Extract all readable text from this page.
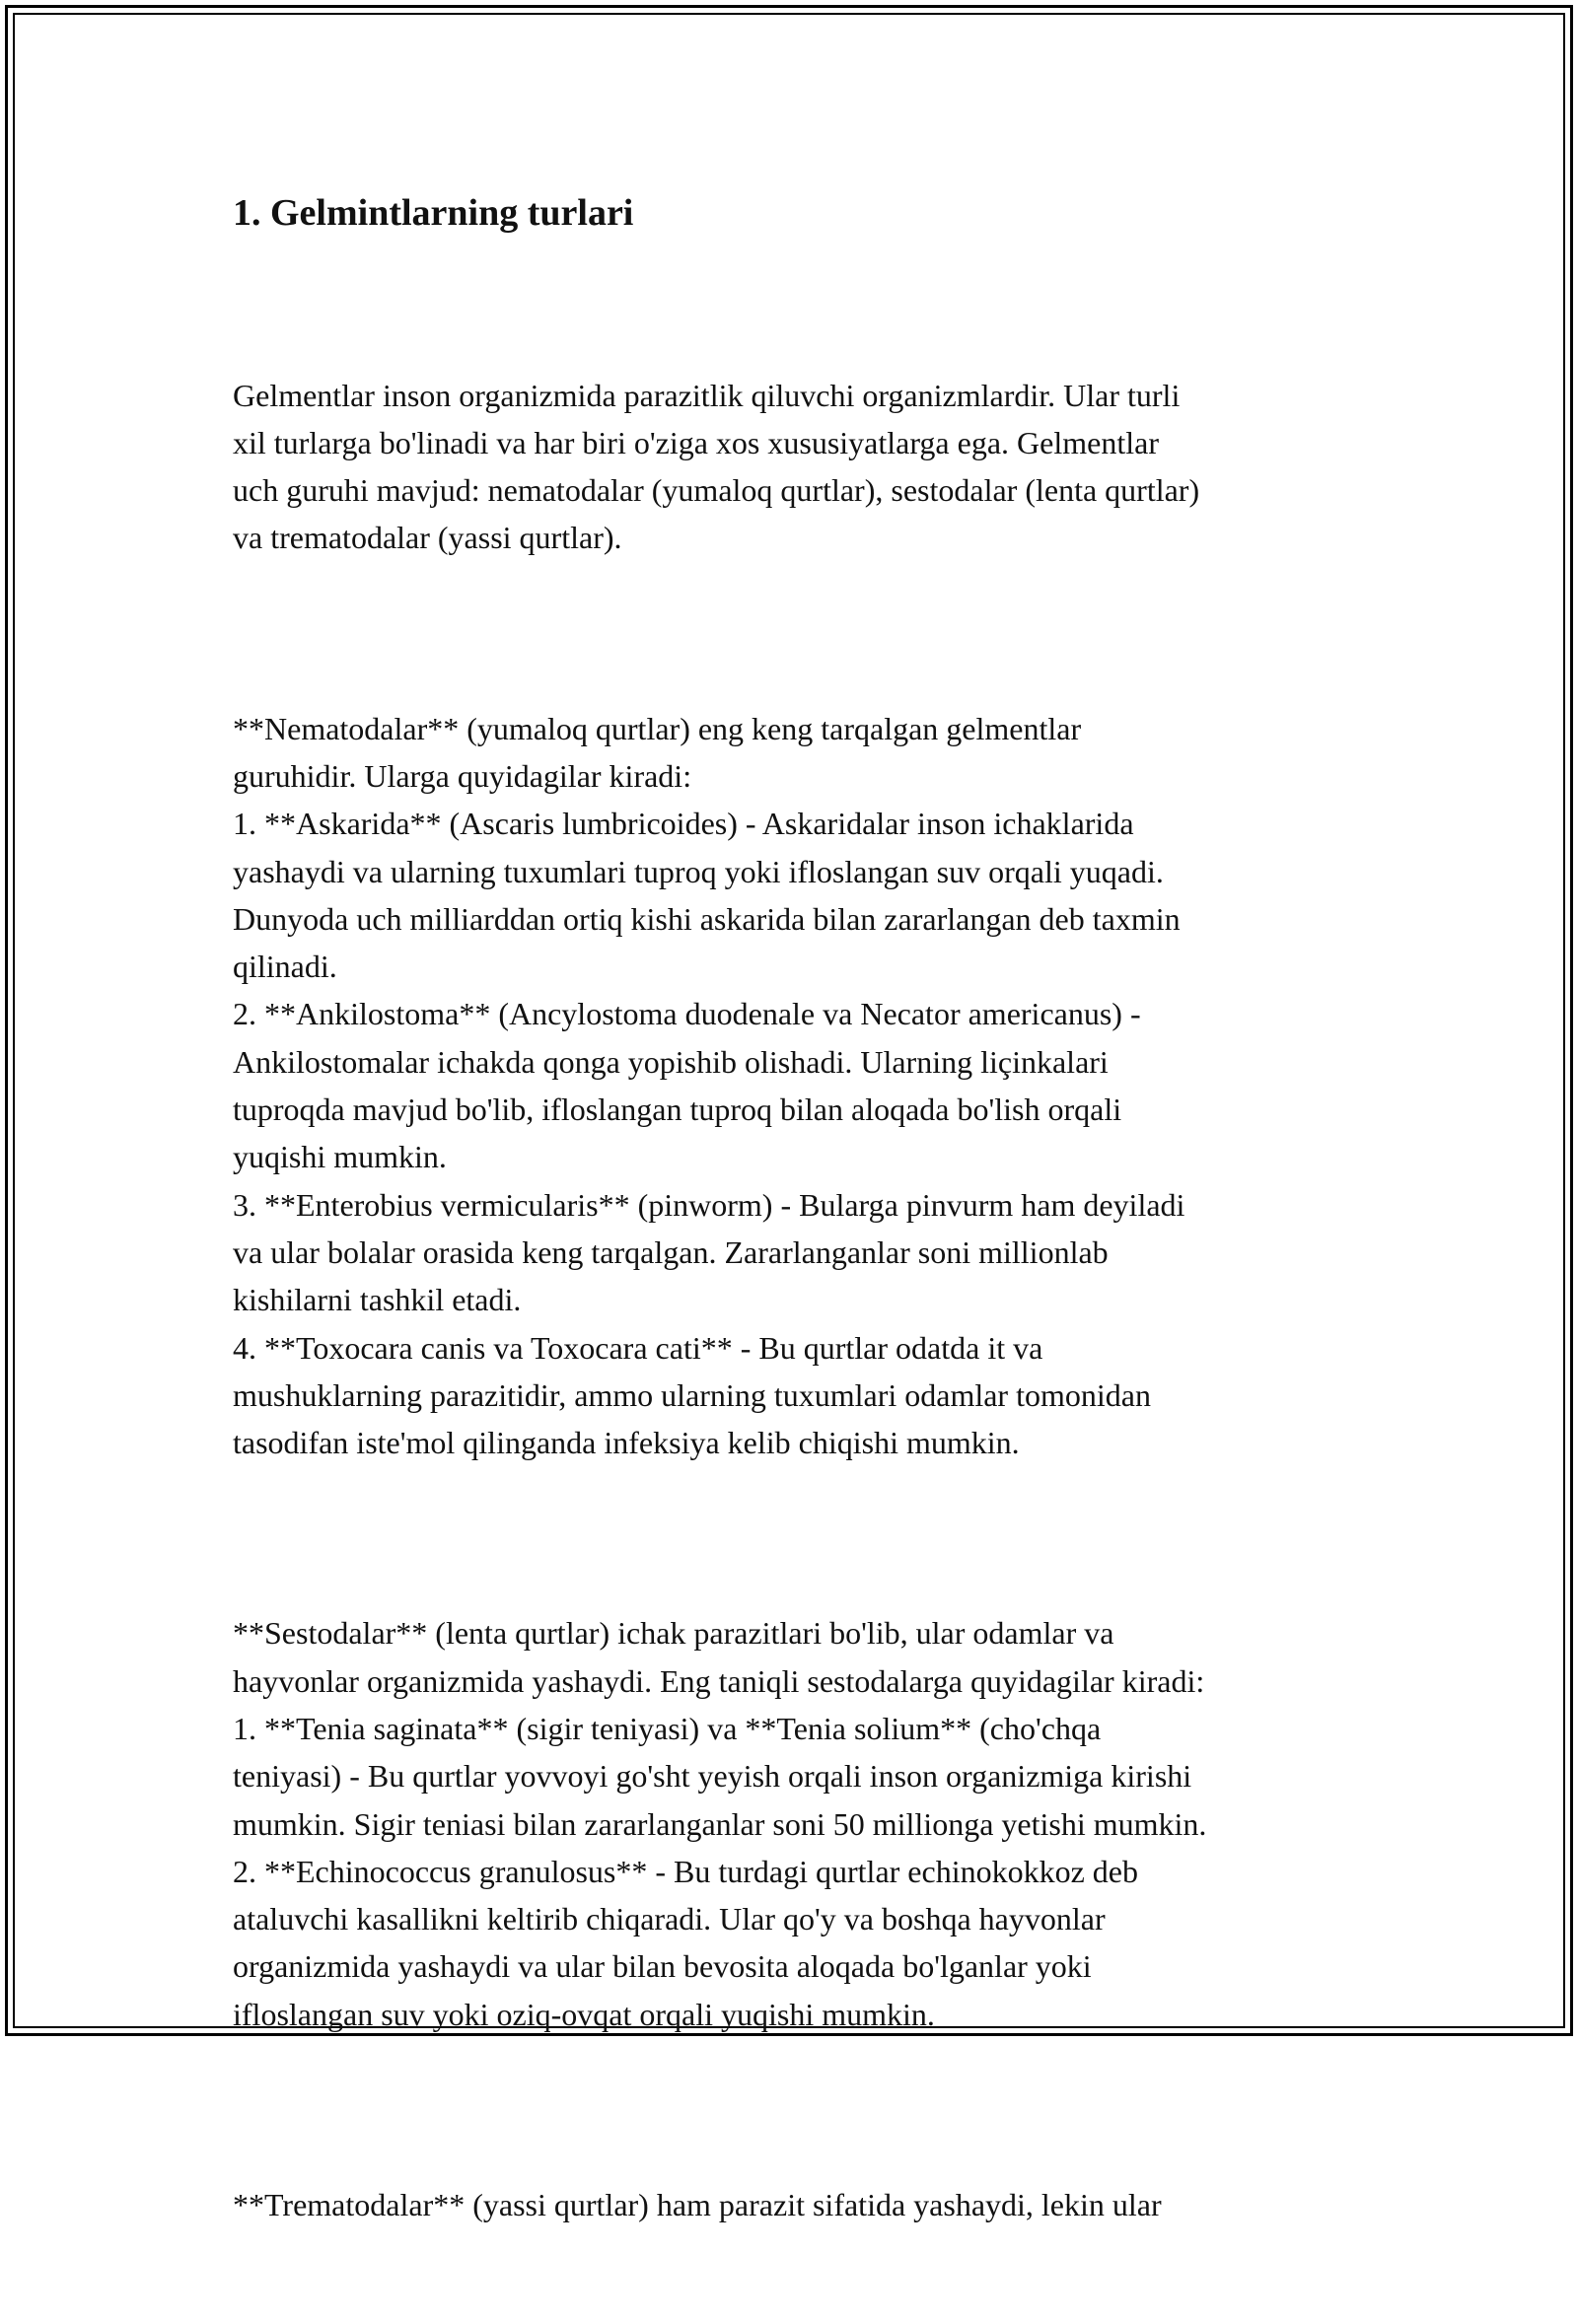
1. Gelmintlarning turlari

Gelmentlar inson organizmida parazitlik qiluvchi organizmlardir. Ular turli
xil turlarga bo'linadi va har biri o'ziga xos xususiyatlarga ega. Gelmentlar
uch guruhi mavjud: nematodalar (yumaloq qurtlar), sestodalar (lenta qurtlar)
va trematodalar (yassi qurtlar).

**Nematodalar** (yumaloq qurtlar) eng keng tarqalgan gelmentlar
guruhidir. Ularga quyidagilar kiradi:
1. **Askarida** (Ascaris lumbricoides) - Askaridalar inson ichaklarida
yashaydi va ularning tuxumlari tuproq yoki ifloslangan suv orqali yuqadi.
Dunyoda uch milliarddan ortiq kishi askarida bilan zararlangan deb taxmin
qilinadi.
2. **Ankilostoma** (Ancylostoma duodenale va Necator americanus) -
Ankilostomalar ichakda qonga yopishib olishadi. Ularning liçinkalari
tuproqda mavjud bo'lib, ifloslangan tuproq bilan aloqada bo'lish orqali
yuqishi mumkin.
3. **Enterobius vermicularis** (pinworm) - Bularga pinvurm ham deyiladi
va ular bolalar orasida keng tarqalgan. Zararlanganlar soni millionlab
kishilarni tashkil etadi.
4. **Toxocara canis va Toxocara cati** - Bu qurtlar odatda it va
mushuklarning parazitidir, ammo ularning tuxumlari odamlar tomonidan
tasodifan iste'mol qilinganda infeksiya kelib chiqishi mumkin.

**Sestodalar** (lenta qurtlar) ichak parazitlari bo'lib, ular odamlar va
hayvonlar organizmida yashaydi. Eng taniqli sestodalarga quyidagilar kiradi:
1. **Tenia saginata** (sigir teniyasi) va **Tenia solium** (cho'chqa
teniyasi) - Bu qurtlar yovvoyi go'sht yeyish orqali inson organizmiga kirishi
mumkin. Sigir teniasi bilan zararlanganlar soni 50 millionga yetishi mumkin.
2. **Echinococcus granulosus** - Bu turdagi qurtlar echinokokkoz deb
ataluvchi kasallikni keltirib chiqaradi. Ular qo'y va boshqa hayvonlar
organizmida yashaydi va ular bilan bevosita aloqada bo'lganlar yoki
ifloslangan suv yoki oziq-ovqat orqali yuqishi mumkin.

**Trematodalar** (yassi qurtlar) ham parazit sifatida yashaydi, lekin ular
